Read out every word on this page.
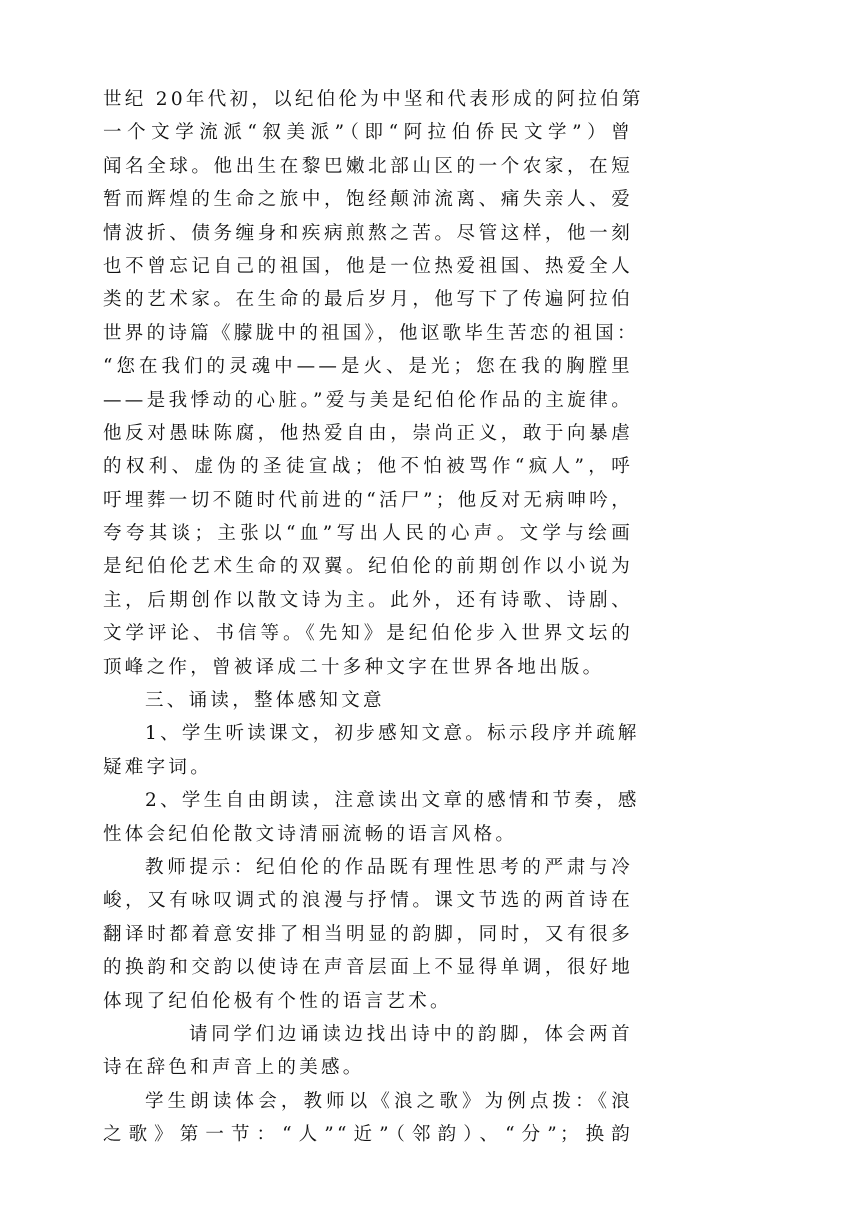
世纪 20年代初，以纪伯伦为中坚和代表形成的阿拉伯第
一个文学流派“叙美派”（即“阿拉伯侨民文学”）曾
闻名全球。他出生在黎巴嫩北部山区的一个农家，在短
暂而辉煌的生命之旅中，饱经颠沛流离、痛失亲人、爱
情波折、债务缠身和疾病煎熬之苦。尽管这样，他一刻
也不曾忘记自己的祖国，他是一位热爱祖国、热爱全人
类的艺术家。在生命的最后岁月，他写下了传遍阿拉伯
世界的诗篇《朦胧中的祖国》，他讴歌毕生苦恋的祖国：
“您在我们的灵魂中——是火、是光；您在我的胸膛里
——是我悸动的心脏。”爱与美是纪伯伦作品的主旋律。
他反对愚昧陈腐，他热爱自由，崇尚正义，敢于向暴虐
的权利、虚伪的圣徒宣战；他不怕被骂作“疯人”，呼
吁埋葬一切不随时代前进的“活尸”；他反对无病呻吟，
夸夸其谈；主张以“血”写出人民的心声。文学与绘画
是纪伯伦艺术生命的双翼。纪伯伦的前期创作以小说为
主，后期创作以散文诗为主。此外，还有诗歌、诗剧、
文学评论、书信等。《先知》是纪伯伦步入世界文坛的
顶峰之作，曾被译成二十多种文字在世界各地出版。
三、诵读，整体感知文意
1、学生听读课文，初步感知文意。标示段序并疏解
疑难字词。
2、学生自由朗读，注意读出文章的感情和节奏，感
性体会纪伯伦散文诗清丽流畅的语言风格。
教师提示：纪伯伦的作品既有理性思考的严肃与冷
峻，又有咏叹调式的浪漫与抒情。课文节选的两首诗在
翻译时都着意安排了相当明显的韵脚，同时，又有很多
的换韵和交韵以使诗在声音层面上不显得单调，很好地
体现了纪伯伦极有个性的语言艺术。
请同学们边诵读边找出诗中的韵脚，体会两首
诗在辞色和声音上的美感。
学生朗读体会，教师以《浪之歌》为例点拨：《浪
之歌》第一节：“人”“近”（邻韵）、“分”；换韵
